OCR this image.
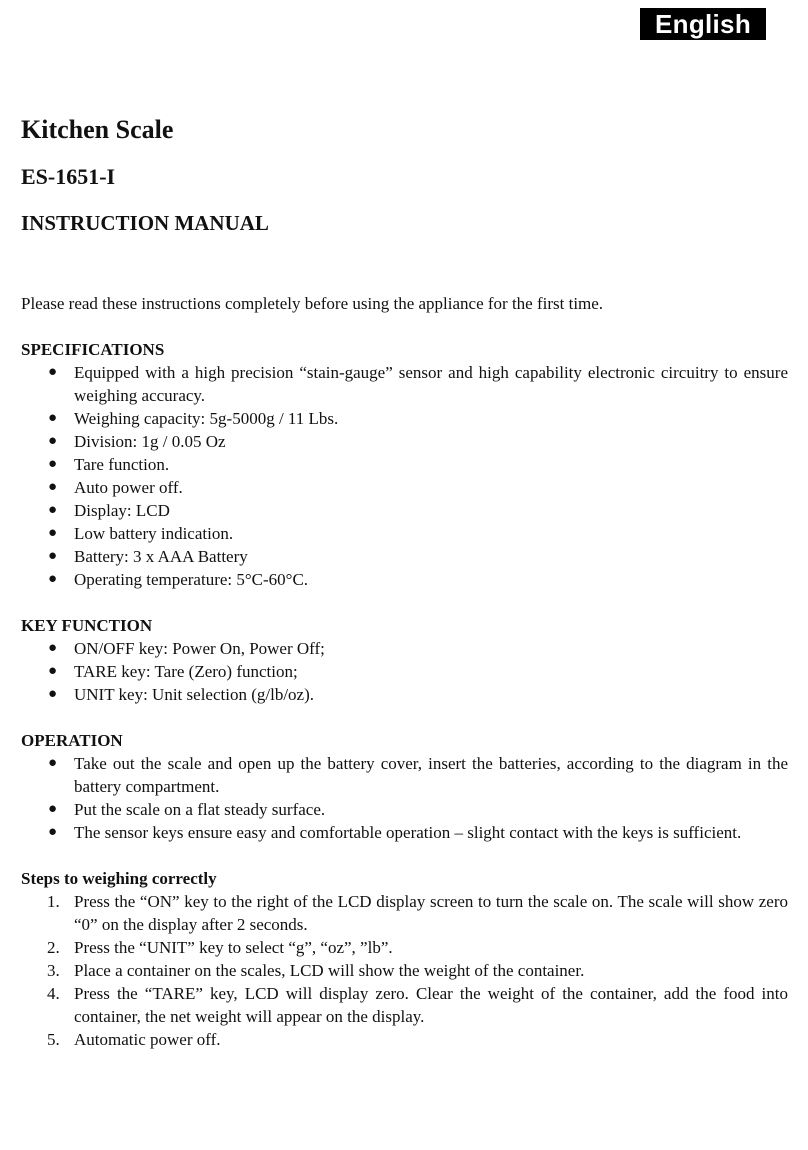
English
Kitchen Scale
ES-1651-I
INSTRUCTION MANUAL

Please read these instructions completely before using the appliance for the first time.

SPECIFICATIONS
● Equipped with a high precision “stain-gauge” sensor and high capability electronic circuitry to ensure weighing accuracy.
● Weighing capacity: 5g-5000g / 11 Lbs.
● Division: 1g / 0.05 Oz
● Tare function.
● Auto power off.
● Display: LCD
● Low battery indication.
● Battery: 3 x AAA Battery
● Operating temperature: 5°C-60°C.
KEY FUNCTION
● ON/OFF key: Power On, Power Off;
● TARE key: Tare (Zero) function;
● UNIT key: Unit selection (g/lb/oz).
OPERATION
● Take out the scale and open up the battery cover, insert the batteries, according to the diagram in the battery compartment.
● Put the scale on a flat steady surface.
● The sensor keys ensure easy and comfortable operation – slight contact with the keys is sufficient.
Steps to weighing correctly
1. Press the “ON” key to the right of the LCD display screen to turn the scale on. The scale will show zero “0” on the display after 2 seconds.
2. Press the “UNIT” key to select “g”, “oz”, ”lb”.
3. Place a container on the scales, LCD will show the weight of the container.
4. Press the “TARE” key, LCD will display zero. Clear the weight of the container, add the food into container, the net weight will appear on the display.
5. Automatic power off.
